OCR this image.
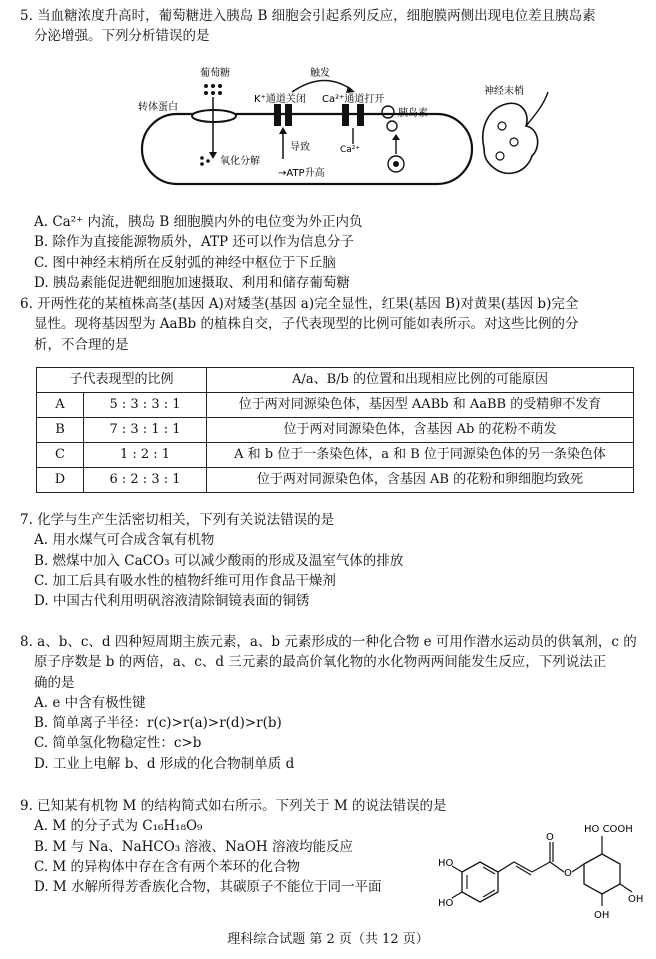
5. 当血糖浓度升高时，葡萄糖进入胰岛 B 细胞会引起系列反应，细胞膜两侧出现电位差且胰岛素
分泌增强。下列分析错误的是
葡萄糖
转体蛋白
K⁺通道关闭
触发
Ca²⁺通道打开
胰岛素
神经末梢
Ca²⁺
导致
氧化分解
→ATP升高
A. Ca²⁺ 内流，胰岛 B 细胞膜内外的电位变为外正内负
B. 除作为直接能源物质外，ATP 还可以作为信息分子
C. 图中神经末梢所在反射弧的神经中枢位于下丘脑
D. 胰岛素能促进靶细胞加速摄取、利用和储存葡萄糖
6. 开两性花的某植株高茎(基因 A)对矮茎(基因 a)完全显性，红果(基因 B)对黄果(基因 b)完全
显性。现将基因型为 AaBb 的植株自交，子代表现型的比例可能如表所示。对这些比例的分
析，不合理的是
子代表现型的比例		A/a、B/b 的位置和出现相应比例的可能原因
A	5 : 3 : 3 : 1	位于两对同源染色体，基因型 AABb 和 AaBB 的受精卵不发育
B	7 : 3 : 1 : 1	位于两对同源染色体，含基因 Ab 的花粉不萌发
C	1 : 2 : 1	A 和 b 位于一条染色体，a 和 B 位于同源染色体的另一条染色体
D	6 : 2 : 3 : 1	位于两对同源染色体，含基因 AB 的花粉和卵细胞均致死
7. 化学与生产生活密切相关，下列有关说法错误的是
A. 用水煤气可合成含氧有机物
B. 燃煤中加入 CaCO₃ 可以减少酸雨的形成及温室气体的排放
C. 加工后具有吸水性的植物纤维可用作食品干燥剂
D. 中国古代利用明矾溶液清除铜镜表面的铜锈
8. a、b、c、d 四种短周期主族元素，a、b 元素形成的一种化合物 e 可用作潜水运动员的供氧剂，c 的
原子序数是 b 的两倍，a、c、d 三元素的最高价氧化物的水化物两两间能发生反应，下列说法正
确的是
A. e 中含有极性键
B. 简单离子半径：r(c)>r(a)>r(d)>r(b)
C. 简单氢化物稳定性：c>b
D. 工业上电解 b、d 形成的化合物制单质 d
9. 已知某有机物 M 的结构简式如右所示。下列关于 M 的说法错误的是
A. M 的分子式为 C₁₆H₁₈O₉
B. M 与 Na、NaHCO₃ 溶液、NaOH 溶液均能反应
C. M 的异构体中存在含有两个苯环的化合物
D. M 水解所得芳香族化合物，其碳原子不能位于同一平面
HO COOH
HO
HO
O
O
OH
OH
理科综合试题 第 2 页（共 12 页）
